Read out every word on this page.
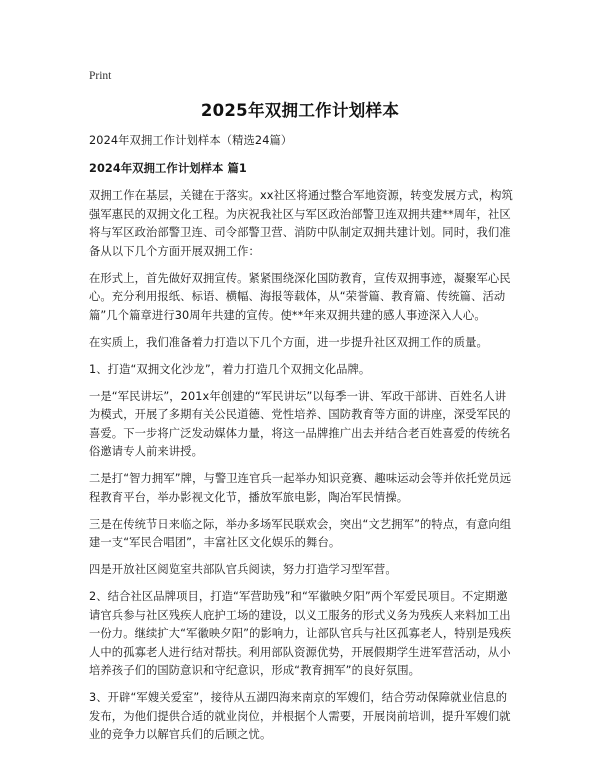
Print
2025年双拥工作计划样本

2024年双拥工作计划样本（精选24篇）

2024年双拥工作计划样本 篇1

双拥工作在基层，关键在于落实。xx社区将通过整合军地资源，转变发展方式，构筑强军惠民的双拥文化工程。为庆祝我社区与军区政治部警卫连双拥共建**周年，社区将与军区政治部警卫连、司令部警卫营、消防中队制定双拥共建计划。同时，我们准备从以下几个方面开展双拥工作：

在形式上，首先做好双拥宣传。紧紧围绕深化国防教育，宣传双拥事迹，凝聚军心民心。充分利用报纸、标语、横幅、海报等载体，从“荣誉篇、教育篇、传统篇、活动篇”几个篇章进行30周年共建的宣传。使**年来双拥共建的感人事迹深入人心。

在实质上，我们准备着力打造以下几个方面，进一步提升社区双拥工作的质量。

1、打造“双拥文化沙龙”，着力打造几个双拥文化品牌。

一是“军民讲坛”，201x年创建的“军民讲坛”以每季一讲、军政干部讲、百姓名人讲为模式，开展了多期有关公民道德、党性培养、国防教育等方面的讲座，深受军民的喜爱。下一步将广泛发动媒体力量，将这一品牌推广出去并结合老百姓喜爱的传统名俗邀请专人前来讲授。

二是打“智力拥军”牌，与警卫连官兵一起举办知识竞赛、趣味运动会等并依托党员远程教育平台，举办影视文化节，播放军旅电影，陶冶军民情操。

三是在传统节日来临之际，举办多场军民联欢会，突出“文艺拥军”的特点，有意向组建一支“军民合唱团”，丰富社区文化娱乐的舞台。

四是开放社区阅览室共部队官兵阅读，努力打造学习型军营。

2、结合社区品牌项目，打造“军营助残”和“军徽映夕阳”两个军爱民项目。不定期邀请官兵参与社区残疾人庇护工场的建设，以义工服务的形式义务为残疾人来料加工出一份力。继续扩大“军徽映夕阳”的影响力，让部队官兵与社区孤寡老人，特别是残疾人中的孤寡老人进行结对帮扶。利用部队资源优势，开展假期学生进军营活动，从小培养孩子们的国防意识和守纪意识，形成“教育拥军”的良好氛围。

3、开辟“军嫂关爱室”，接待从五湖四海来南京的军嫂们，结合劳动保障就业信息的发布，为他们提供合适的就业岗位，并根据个人需要，开展岗前培训，提升军嫂们就业的竞争力以解官兵们的后顾之忧。
